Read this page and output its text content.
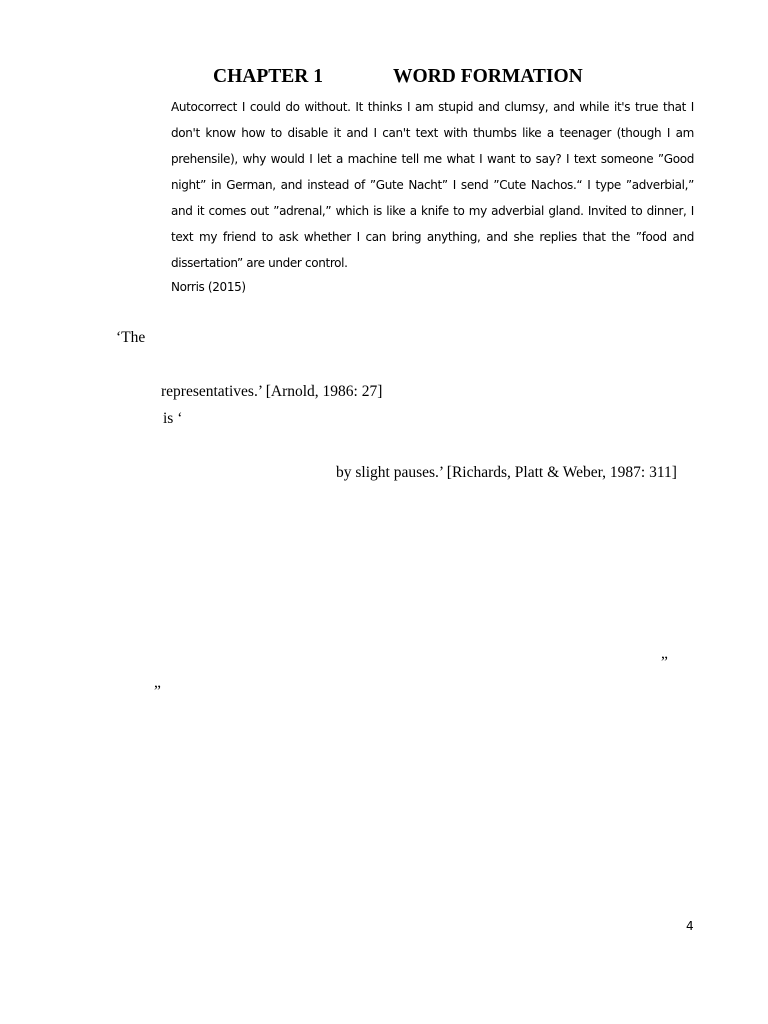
CHAPTER 1	WORD FORMATION

Autocorrect I could do without. It thinks I am stupid and clumsy, and while it's true that I don't know how to disable it and I can't text with thumbs like a teenager (though I am prehensile), why would I let a machine tell me what I want to say? I text someone ”Good night” in German, and instead of ”Gute Nacht” I send ”Cute Nachos.“ I type ”adverbial,” and it comes out ”adrenal,” which is like a knife to my adverbial gland. Invited to dinner, I text my friend to ask whether I can bring anything, and she replies that the ”food and dissertation” are under control.

Norris (2015)

‘The

representatives.’ [Arnold, 1986: 27]

is ‘

by slight pauses.’ [Richards, Platt & Weber, 1987: 311]

„

„

4
